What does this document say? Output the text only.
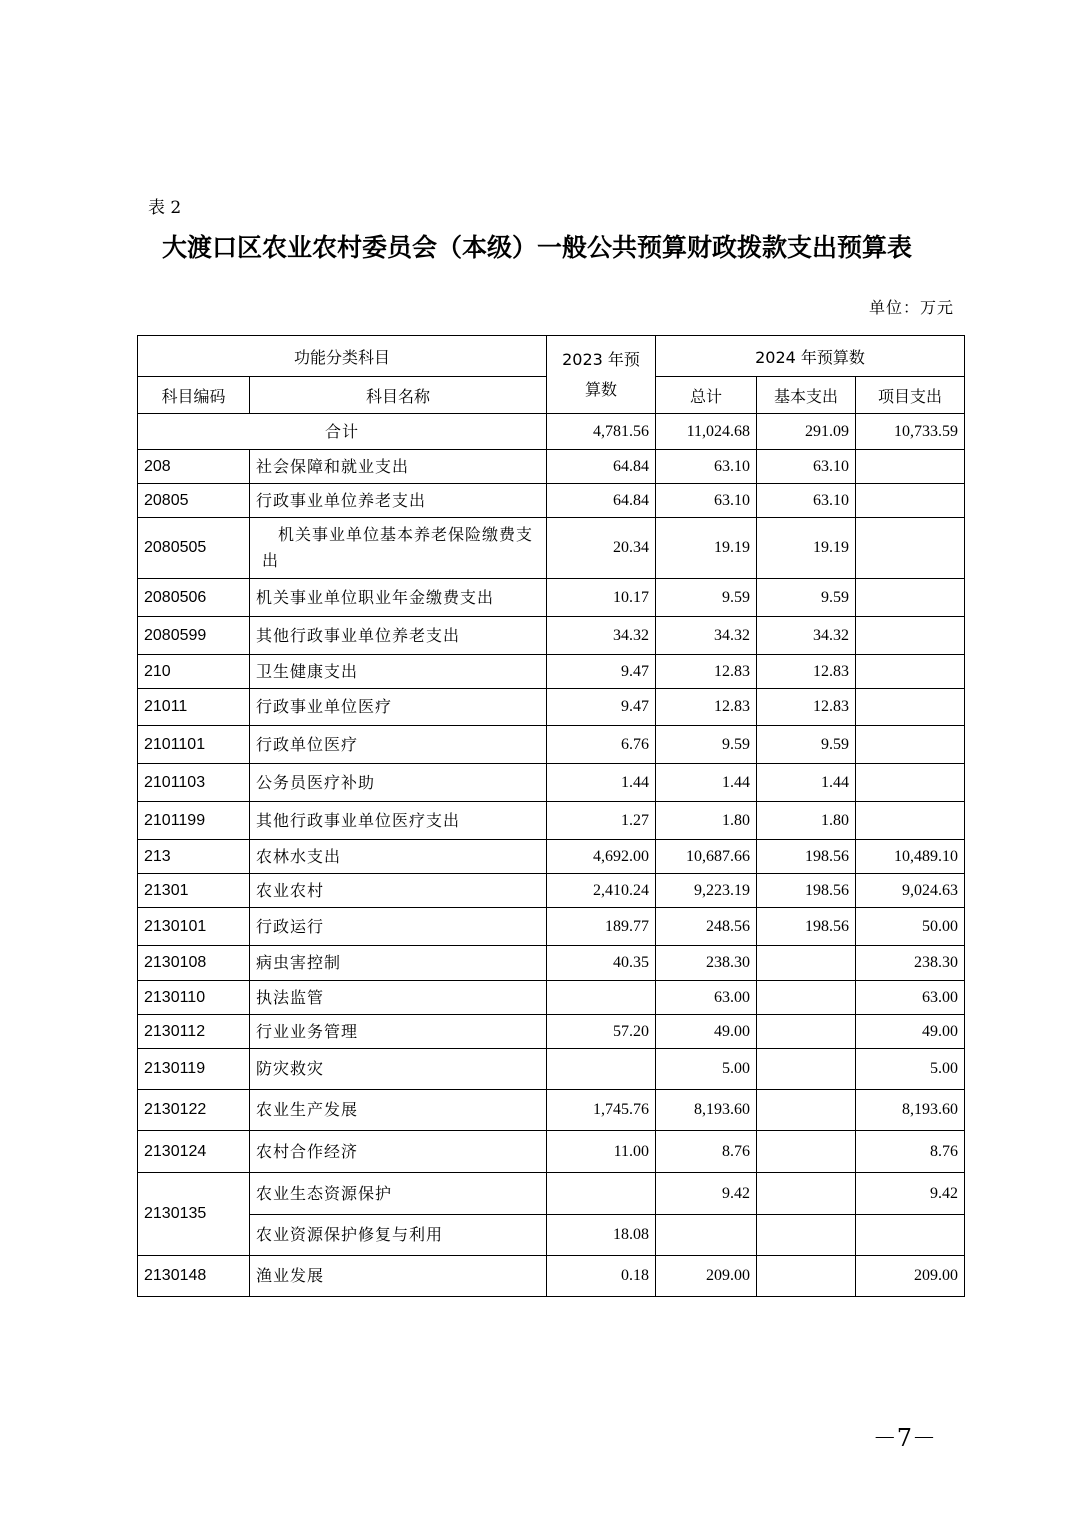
表 2
大渡口区农业农村委员会（本级）一般公共预算财政拨款支出预算表
单位：万元
功能分类科目		2023 年预算数	2024 年预算数		
科目编码	科目名称		总计	基本支出	项目支出
合计		4,781.56	11,024.68	291.09	10,733.59
208	社会保障和就业支出	64.84	63.10	63.10	
20805	行政事业单位养老支出	64.84	63.10	63.10	
2080505	机关事业单位基本养老保险缴费支出	20.34	19.19	19.19	
2080506	机关事业单位职业年金缴费支出	10.17	9.59	9.59	
2080599	其他行政事业单位养老支出	34.32	34.32	34.32	
210	卫生健康支出	9.47	12.83	12.83	
21011	行政事业单位医疗	9.47	12.83	12.83	
2101101	行政单位医疗	6.76	9.59	9.59	
2101103	公务员医疗补助	1.44	1.44	1.44	
2101199	其他行政事业单位医疗支出	1.27	1.80	1.80	
213	农林水支出	4,692.00	10,687.66	198.56	10,489.10
21301	农业农村	2,410.24	9,223.19	198.56	9,024.63
2130101	行政运行	189.77	248.56	198.56	50.00
2130108	病虫害控制	40.35	238.30		238.30
2130110	执法监管		63.00		63.00
2130112	行业业务管理	57.20	49.00		49.00
2130119	防灾救灾		5.00		5.00
2130122	农业生产发展	1,745.76	8,193.60		8,193.60
2130124	农村合作经济	11.00	8.76		8.76
2130135	农业生态资源保护		9.42		9.42
	农业资源保护修复与利用	18.08			
2130148	渔业发展	0.18	209.00		209.00
－7－
